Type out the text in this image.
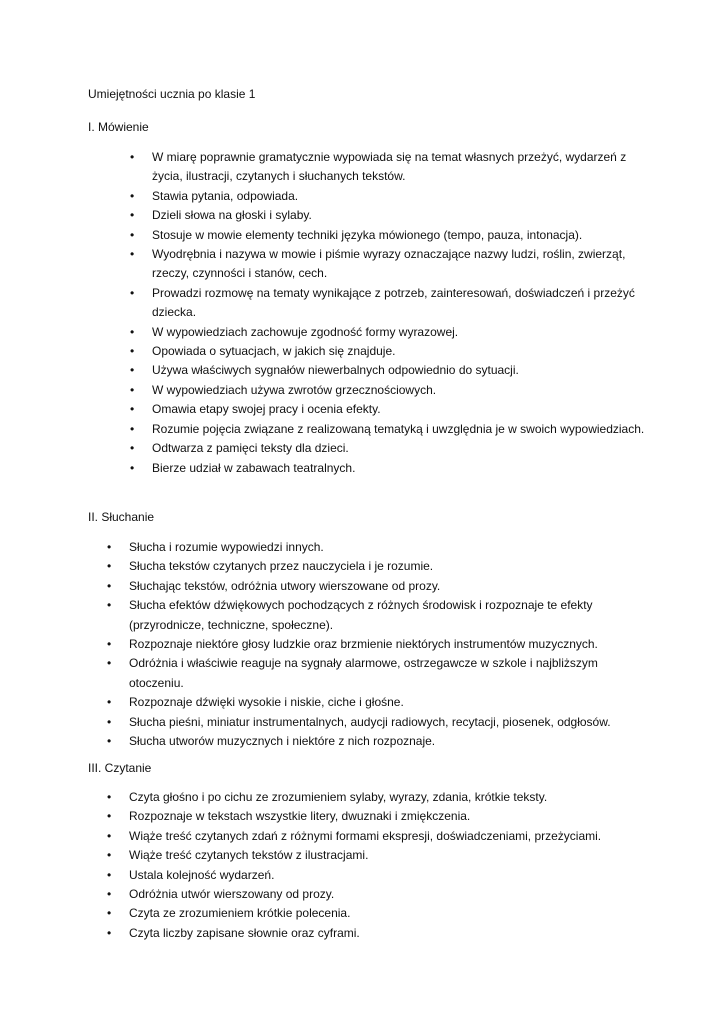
Umiejętności ucznia po klasie 1
I. Mówienie
• W miarę poprawnie gramatycznie wypowiada się na temat własnych przeżyć, wydarzeń z życia, ilustracji, czytanych i słuchanych tekstów.
• Stawia pytania, odpowiada.
• Dzieli słowa na głoski i sylaby.
• Stosuje w mowie elementy techniki języka mówionego (tempo, pauza, intonacja).
• Wyodrębnia i nazywa w mowie i piśmie wyrazy oznaczające nazwy ludzi, roślin, zwierząt, rzeczy, czynności i stanów, cech.
• Prowadzi rozmowę na tematy wynikające z potrzeb, zainteresowań, doświadczeń i przeżyć dziecka.
• W wypowiedziach zachowuje zgodność formy wyrazowej.
• Opowiada o sytuacjach, w jakich się znajduje.
• Używa właściwych sygnałów niewerbalnych odpowiednio do sytuacji.
• W wypowiedziach używa zwrotów grzecznościowych.
• Omawia etapy swojej pracy i ocenia efekty.
• Rozumie pojęcia związane z realizowaną tematyką i uwzględnia je w swoich wypowiedziach.
• Odtwarza z pamięci teksty dla dzieci.
• Bierze udział w zabawach teatralnych.
II. Słuchanie
• Słucha i rozumie wypowiedzi innych.
• Słucha tekstów czytanych przez nauczyciela i je rozumie.
• Słuchając tekstów, odróżnia utwory wierszowane od prozy.
• Słucha efektów dźwiękowych pochodzących z różnych środowisk i rozpoznaje te efekty (przyrodnicze, techniczne, społeczne).
• Rozpoznaje niektóre głosy ludzkie oraz brzmienie niektórych instrumentów muzycznych.
• Odróżnia i właściwie reaguje na sygnały alarmowe, ostrzegawcze w szkole i najbliższym otoczeniu.
• Rozpoznaje dźwięki wysokie i niskie, ciche i głośne.
• Słucha pieśni, miniatur instrumentalnych, audycji radiowych, recytacji, piosenek, odgłosów.
• Słucha utworów muzycznych i niektóre z nich rozpoznaje.
III. Czytanie
• Czyta głośno i po cichu ze zrozumieniem sylaby, wyrazy, zdania, krótkie teksty.
• Rozpoznaje w tekstach wszystkie litery, dwuznaki i zmiękczenia.
• Wiąże treść czytanych zdań z różnymi formami ekspresji, doświadczeniami, przeżyciami.
• Wiąże treść czytanych tekstów z ilustracjami.
• Ustala kolejność wydarzeń.
• Odróżnia utwór wierszowany od prozy.
• Czyta ze zrozumieniem krótkie polecenia.
• Czyta liczby zapisane słownie oraz cyframi.
